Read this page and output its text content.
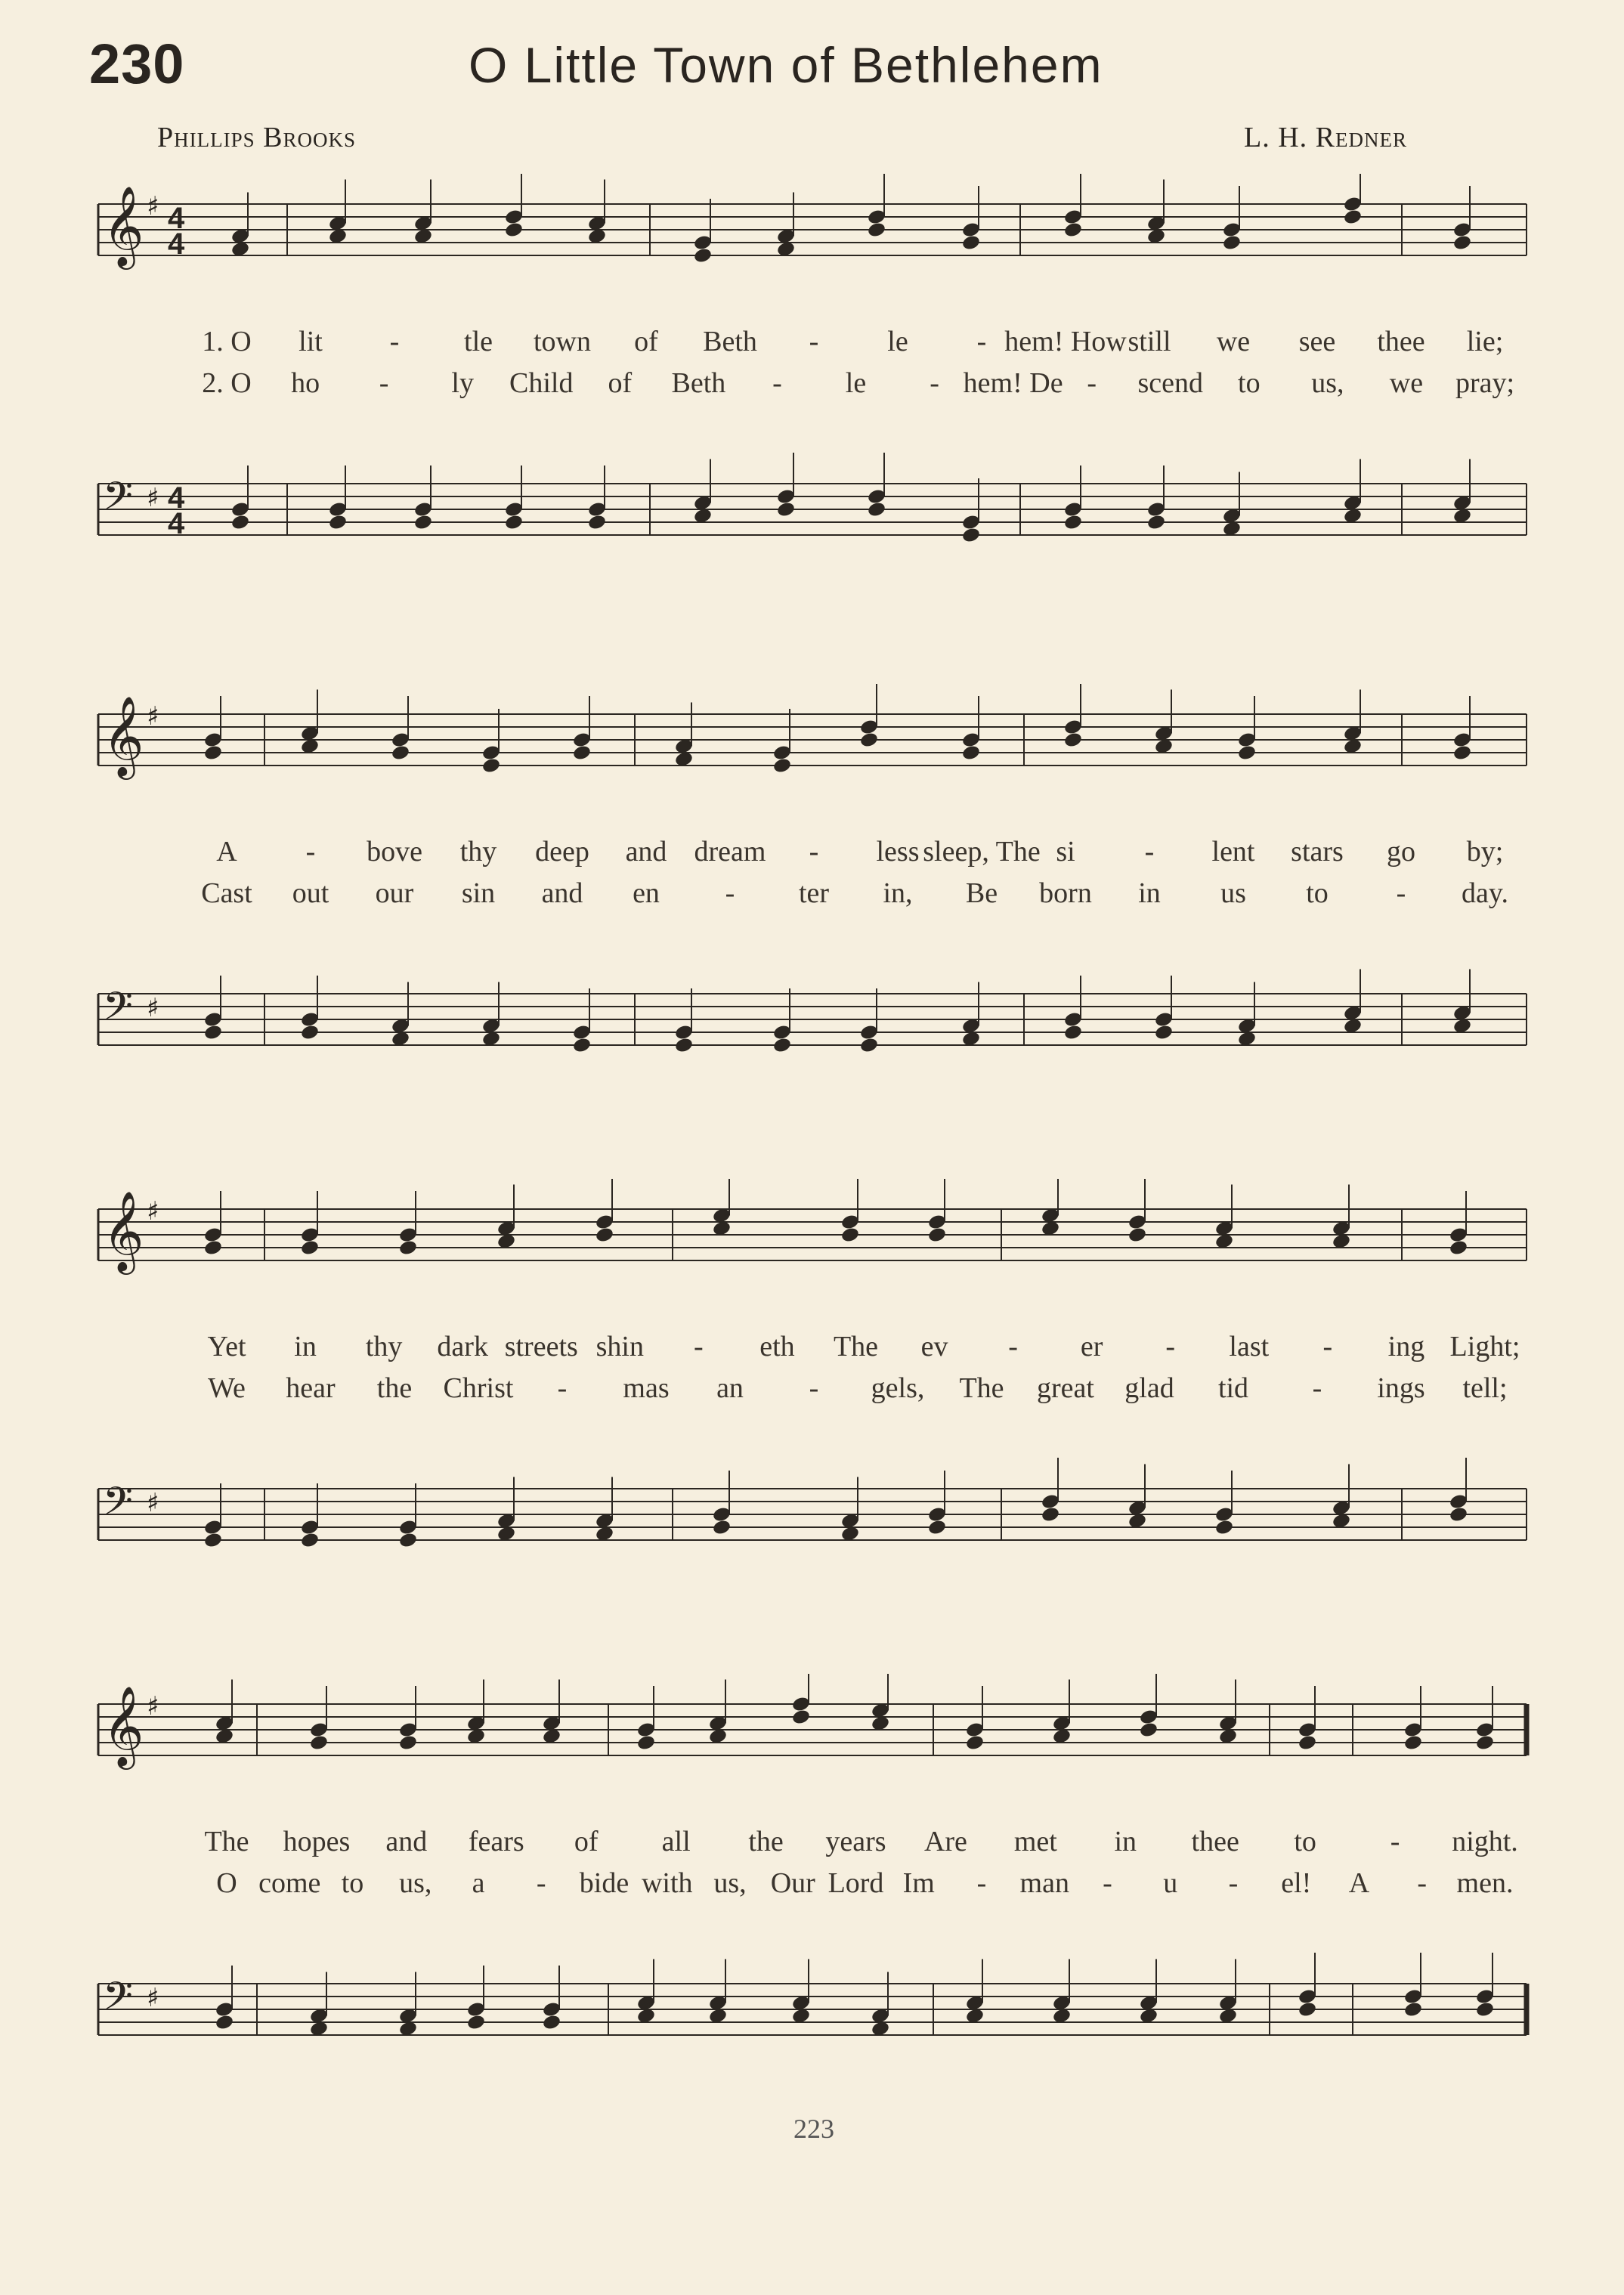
230	O Little Town of Bethlehem
Phillips Brooks	L. H. Redner
𝄞 ♯ 4
4
𝄢 ♯ 4
4
1. O lit - tle town of Beth - le - hem! How still we see thee lie;
2. O ho - ly Child of Beth - le - hem! De - scend to us, we pray;
𝄞 ♯
𝄢 ♯
A - bove thy deep and dream - less sleep, The si - lent stars go by;
Cast out our sin and en - ter in, Be born in us to - day.
𝄞 ♯
𝄢 ♯
Yet in thy dark streets shin - eth The ev - er - last - ing Light;
We hear the Christ - mas an - gels, The great glad tid - ings tell;
𝄞 ♯
𝄢 ♯
The hopes and fears of all the years Are met in thee to	- night.
O come to us, a - bide with us, Our Lord Im - man - u - el! A - men.
223
